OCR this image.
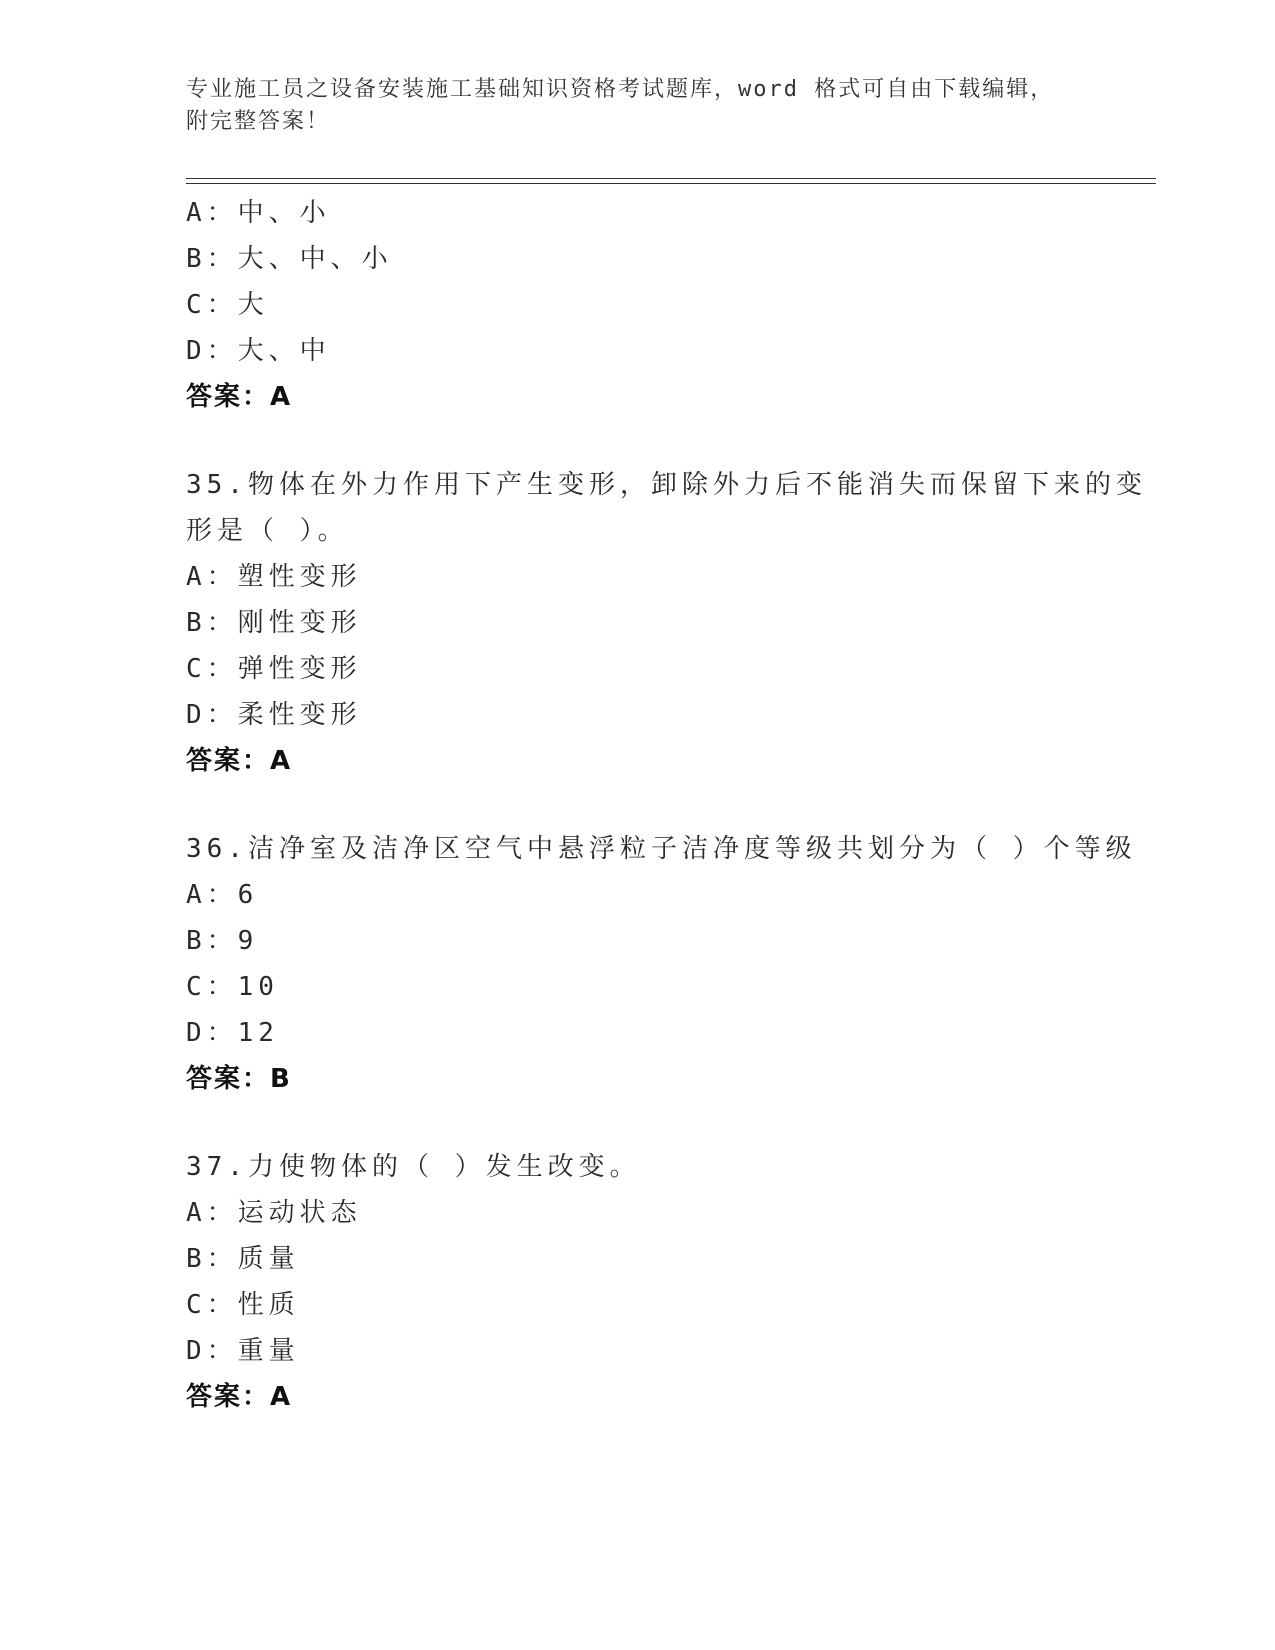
专业施工员之设备安装施工基础知识资格考试题库，word 格式可自由下载编辑，
附完整答案！
A：中、小
B：大、中、小
C：大
D：大、中
答案：A
35.物体在外力作用下产生变形，卸除外力后不能消失而保留下来的变
形是（ ）。
A：塑性变形
B：刚性变形
C：弹性变形
D：柔性变形
答案：A
36.洁净室及洁净区空气中悬浮粒子洁净度等级共划分为（ ）个等级
A：6
B：9
C：10
D：12
答案：B
37.力使物体的（ ）发生改变。
A：运动状态
B：质量
C：性质
D：重量
答案：A
